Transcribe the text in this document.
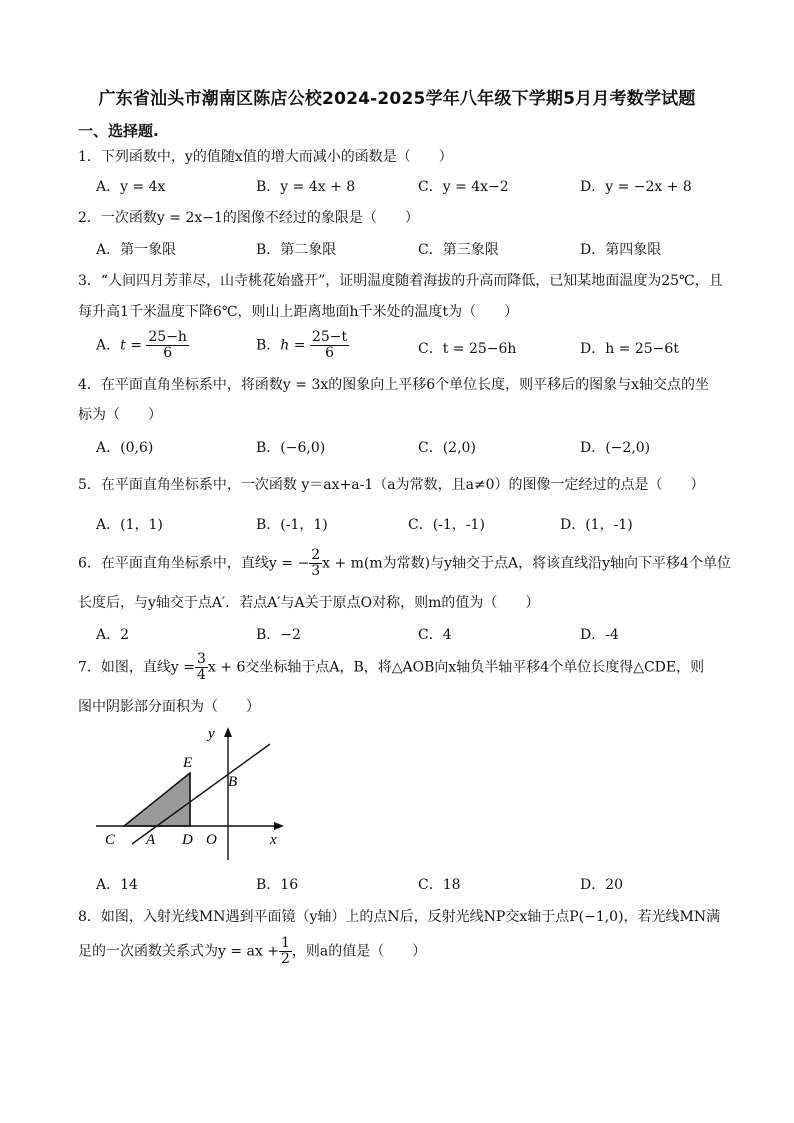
广东省汕头市潮南区陈店公校2024-2025学年八年级下学期5月月考数学试题
一、选择题.
1．下列函数中，y的值随x值的增大而减小的函数是（　　）
A．y = 4x	B．y = 4x + 8	C．y = 4x−2	D．y = −2x + 8
2．一次函数y = 2x−1的图像不经过的象限是（　　）
A．第一象限	B．第二象限	C．第三象限	D．第四象限
3．“人间四月芳菲尽，山寺桃花始盛开”，证明温度随着海拔的升高而降低，已知某地面温度为25℃，且
每升高1千米温度下降6℃，则山上距离地面h千米处的温度t为（　　）
A．$t = \frac{25-h}{6}$	B．$h = \frac{25-t}{6}$	C．t = 25−6h	D．h = 25−6t
4．在平面直角坐标系中，将函数y = 3x的图象向上平移6个单位长度，则平移后的图象与x轴交点的坐
标为（　　）
A．(0,6)	B．(−6,0)	C．(2,0)	D．(−2,0)
5．在平面直角坐标系中，一次函数 y＝ax+a-1（a为常数，且a≠0）的图像一定经过的点是（　　）
A．(1，1)	B．(-1，1)	C．(-1，-1)	D．(1，-1)
6．在平面直角坐标系中，直线y = − $\frac{2}{3}$ x + m(m为常数)与y轴交于点A，将该直线沿y轴向下平移4个单位
长度后，与y轴交于点A′．若点A′与A关于原点O对称，则m的值为（　　）
A．2	B．−2	C．4	D．-4
7．如图，直线$y = \frac{3}{4}$ x + 6交坐标轴于点A，B，将△AOB向x轴负半轴平移4个单位长度得△CDE，则
图中阴影部分面积为（　　）
y
x
E
B
C A D O
A．14	B．16	C．18	D．20
8．如图，入射光线MN遇到平面镜（y轴）上的点N后，反射光线NP交x轴于点P(−1,0)，若光线MN满
足的一次函数关系式为y = ax + $\frac{1}{2}$ ，则a的值是（　　）
